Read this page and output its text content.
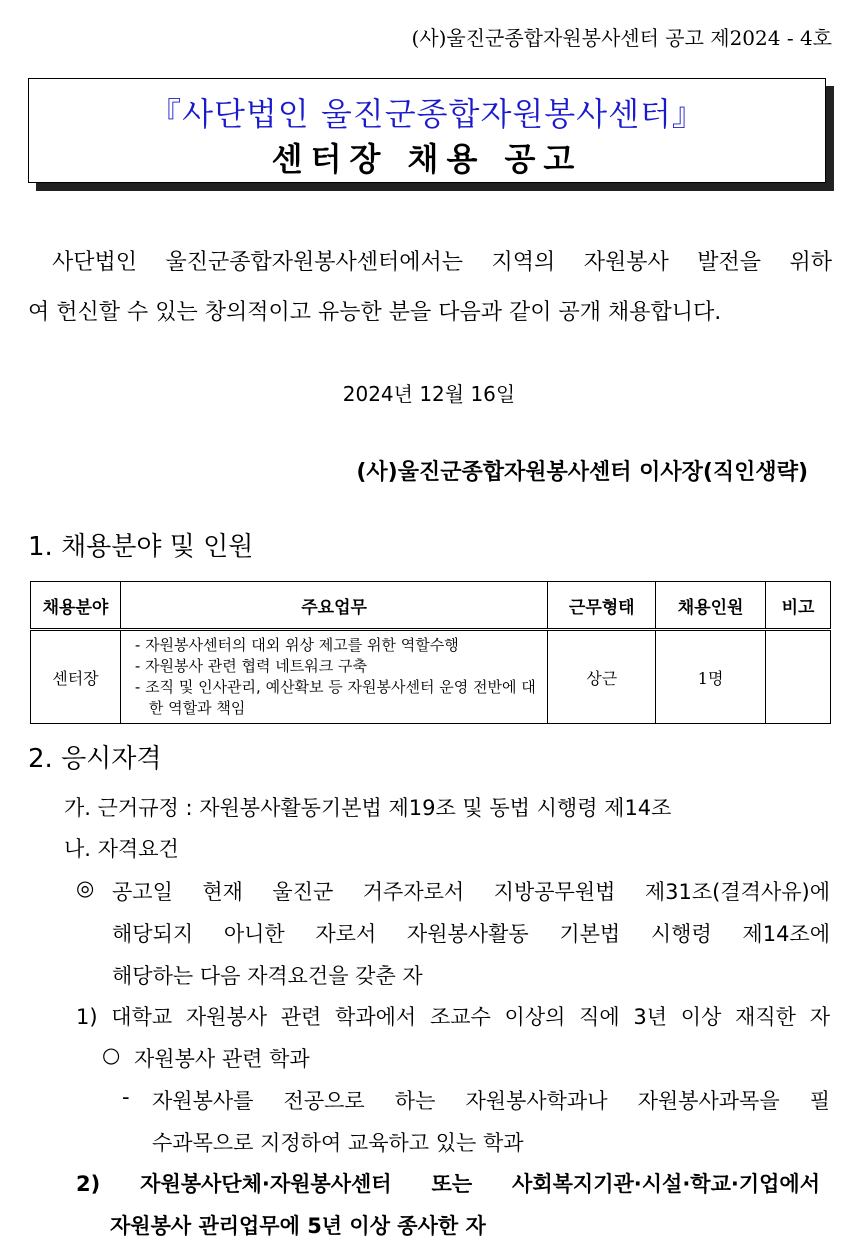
(사)울진군종합자원봉사센터 공고 제2024 - 4호
『사단법인 울진군종합자원봉사센터』
센터장 채용 공고
사단법인 울진군종합자원봉사센터에서는 지역의 자원봉사 발전을 위하
여 헌신할 수 있는 창의적이고 유능한 분을 다음과 같이 공개 채용합니다.
2024년 12월 16일
(사)울진군종합자원봉사센터 이사장(직인생략)
1. 채용분야 및 인원
채용분야	주요업무	근무형태	채용인원	비고
센터장	- 자원봉사센터의 대외 위상 제고를 위한 역할수행
- 자원봉사 관련 협력 네트워크 구축
- 조직 및 인사관리, 예산확보 등 자원봉사센터 운영 전반에 대한 역할과 책임	상근	1명	
2. 응시자격
가. 근거규정 : 자원봉사활동기본법 제19조 및 동법 시행령 제14조
나. 자격요건
◎ 공고일 현재 울진군 거주자로서 지방공무원법 제31조(결격사유)에
해당되지 아니한 자로서 자원봉사활동 기본법 시행령 제14조에
해당하는 다음 자격요건을 갖춘 자
1) 대학교 자원봉사 관련 학과에서 조교수 이상의 직에 3년 이상 재직한 자
○ 자원봉사 관련 학과
- 자원봉사를 전공으로 하는 자원봉사학과나 자원봉사과목을 필
수과목으로 지정하여 교육하고 있는 학과
2) 자원봉사단체·자원봉사센터 또는 사회복지기관·시설·학교·기업에서
자원봉사 관리업무에 5년 이상 종사한 자
